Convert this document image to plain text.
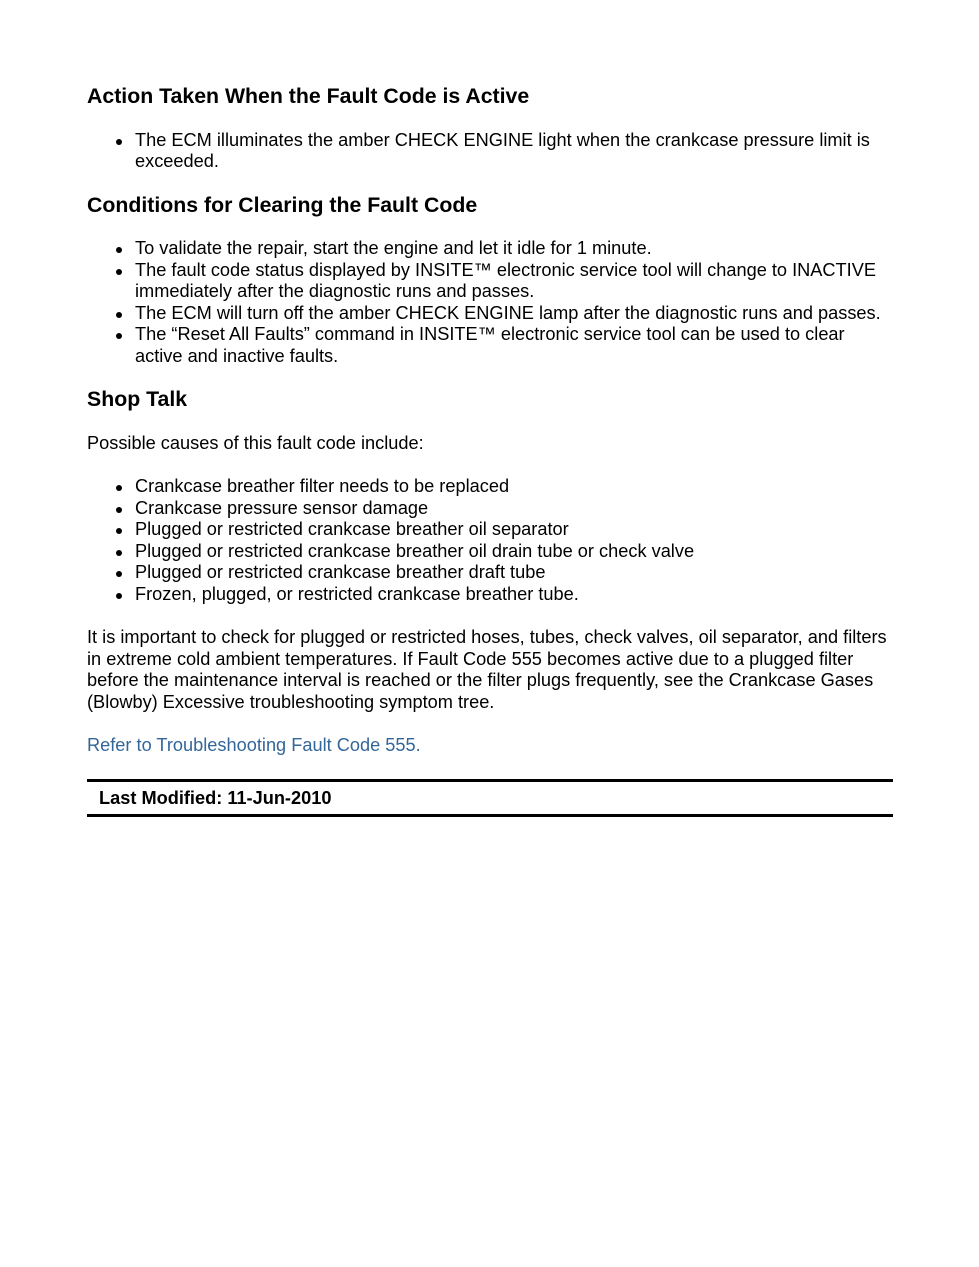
Action Taken When the Fault Code is Active
The ECM illuminates the amber CHECK ENGINE light when the crankcase pressure limit is exceeded.
Conditions for Clearing the Fault Code
To validate the repair, start the engine and let it idle for 1 minute.
The fault code status displayed by INSITE™ electronic service tool will change to INACTIVE immediately after the diagnostic runs and passes.
The ECM will turn off the amber CHECK ENGINE lamp after the diagnostic runs and passes.
The “Reset All Faults” command in INSITE™ electronic service tool can be used to clear active and inactive faults.
Shop Talk

Possible causes of this fault code include:

Crankcase breather filter needs to be replaced
Crankcase pressure sensor damage
Plugged or restricted crankcase breather oil separator
Plugged or restricted crankcase breather oil drain tube or check valve
Plugged or restricted crankcase breather draft tube
Frozen, plugged, or restricted crankcase breather tube.

It is important to check for plugged or restricted hoses, tubes, check valves, oil separator, and filters in extreme cold ambient temperatures. If Fault Code 555 becomes active due to a plugged filter before the maintenance interval is reached or the filter plugs frequently, see the Crankcase Gases (Blowby) Excessive troubleshooting symptom tree.

Refer to Troubleshooting Fault Code 555.

Last Modified: 11-Jun-2010
